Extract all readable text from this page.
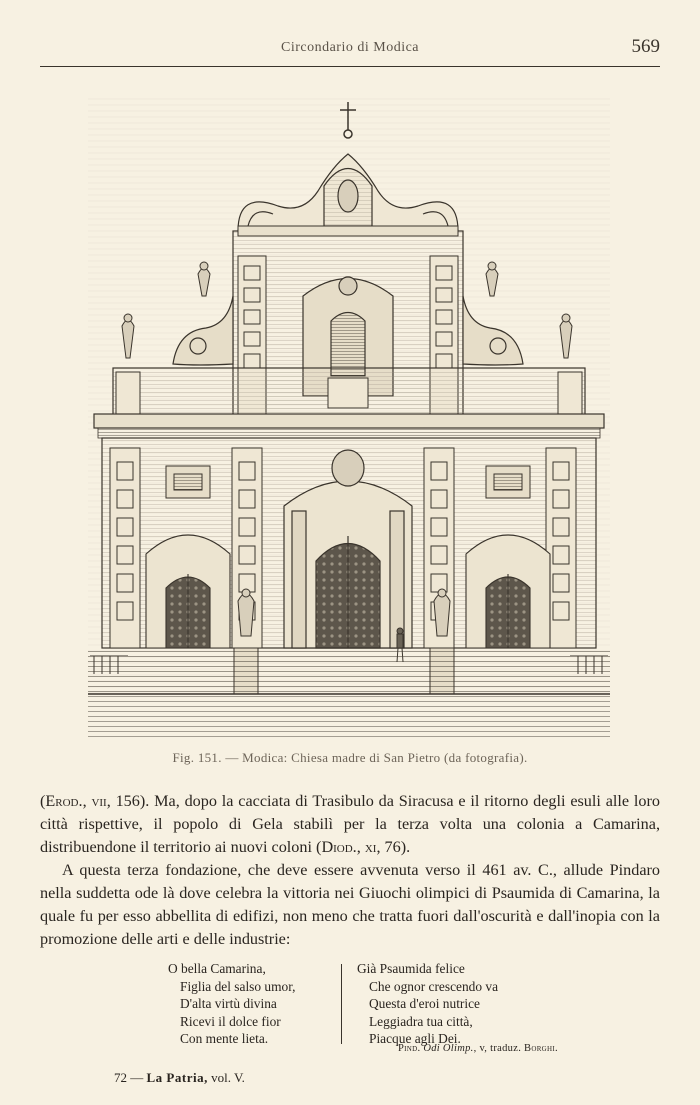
Circondario di Modica	569
Fig. 151. — Modica: Chiesa madre di San Pietro (da fotografia).

(Erod., vii, 156). Ma, dopo la cacciata di Trasibulo da Siracusa e il ritorno degli esuli alle loro città rispettive, il popolo di Gela stabilì per la terza volta una colonia a Camarina, distribuendone il territorio ai nuovi coloni (Diod., xi, 76).

A questa terza fondazione, che deve essere avvenuta verso il 461 av. C., allude Pindaro nella suddetta ode là dove celebra la vittoria nei Giuochi olimpici di Psaumida di Camarina, la quale fu per esso abbellita di edifizi, non meno che tratta fuori dall'oscurità e dall'inopia con la promozione delle arti e delle industrie:

O bella Camarina,
Figlia del salso umor,
D'alta virtù divina
Ricevi il dolce fior
Con mente lieta.
Già Psaumida felice
Che ognor crescendo va
Questa d'eroi nutrice
Leggiadra tua città,
Piacque agli Dei.
Pind. Odi Olimp., v, traduz. Borghi.
72 — La Patria, vol. V.
